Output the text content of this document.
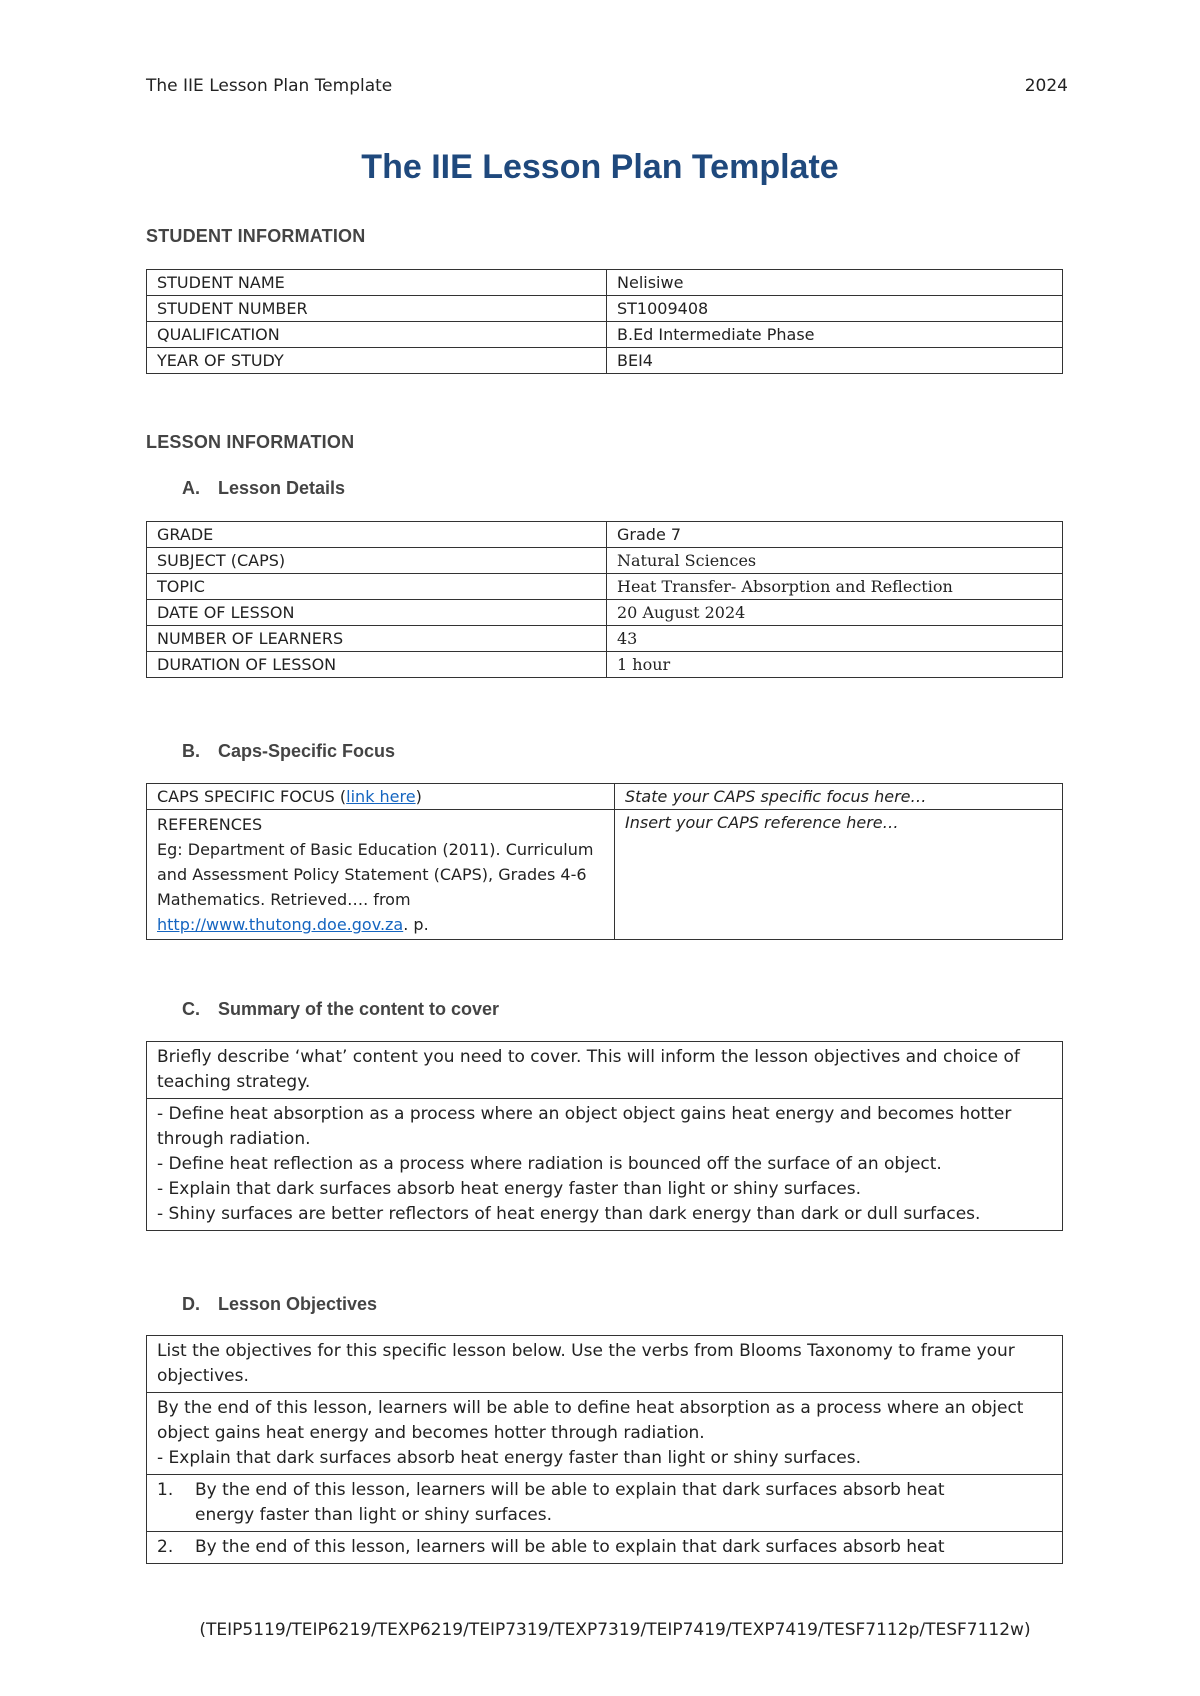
The IIE Lesson Plan Template	2024
The IIE Lesson Plan Template
STUDENT INFORMATION
STUDENT NAME	Nelisiwe
STUDENT NUMBER	ST1009408
QUALIFICATION	B.Ed Intermediate Phase
YEAR OF STUDY	BEI4
LESSON INFORMATION
A. Lesson Details
GRADE	Grade 7
SUBJECT (CAPS)	Natural Sciences
TOPIC	Heat Transfer- Absorption and Reflection
DATE OF LESSON	20 August 2024
NUMBER OF LEARNERS	43
DURATION OF LESSON	1 hour
B. Caps-Specific Focus
CAPS SPECIFIC FOCUS (link here)	State your CAPS specific focus here…

REFERENCES
Eg: Department of Basic Education (2011). Curriculum and Assessment Policy Statement (CAPS), Grades 4-6 Mathematics. Retrieved…. from
http://www.thutong.doe.gov.za. p.	Insert your CAPS reference here…
C. Summary of the content to cover
Briefly describe ‘what’ content you need to cover. This will inform the lesson objectives and choice of teaching strategy.

- Define heat absorption as a process where an object object gains heat energy and becomes hotter through radiation.
- Define heat reflection as a process where radiation is bounced off the surface of an object.
- Explain that dark surfaces absorb heat energy faster than light or shiny surfaces.
- Shiny surfaces are better reflectors of heat energy than dark energy than dark or dull surfaces.
D. Lesson Objectives
List the objectives for this specific lesson below. Use the verbs from Blooms Taxonomy to frame your objectives.

By the end of this lesson, learners will be able to define heat absorption as a process where an object object gains heat energy and becomes hotter through radiation.
- Explain that dark surfaces absorb heat energy faster than light or shiny surfaces.

1. By the end of this lesson, learners will be able to explain that dark surfaces absorb heat
energy faster than light or shiny surfaces.

2. By the end of this lesson, learners will be able to explain that dark surfaces absorb heat
(TEIP5119/TEIP6219/TEXP6219/TEIP7319/TEXP7319/TEIP7419/TEXP7419/TESF7112p/TESF7112w)
